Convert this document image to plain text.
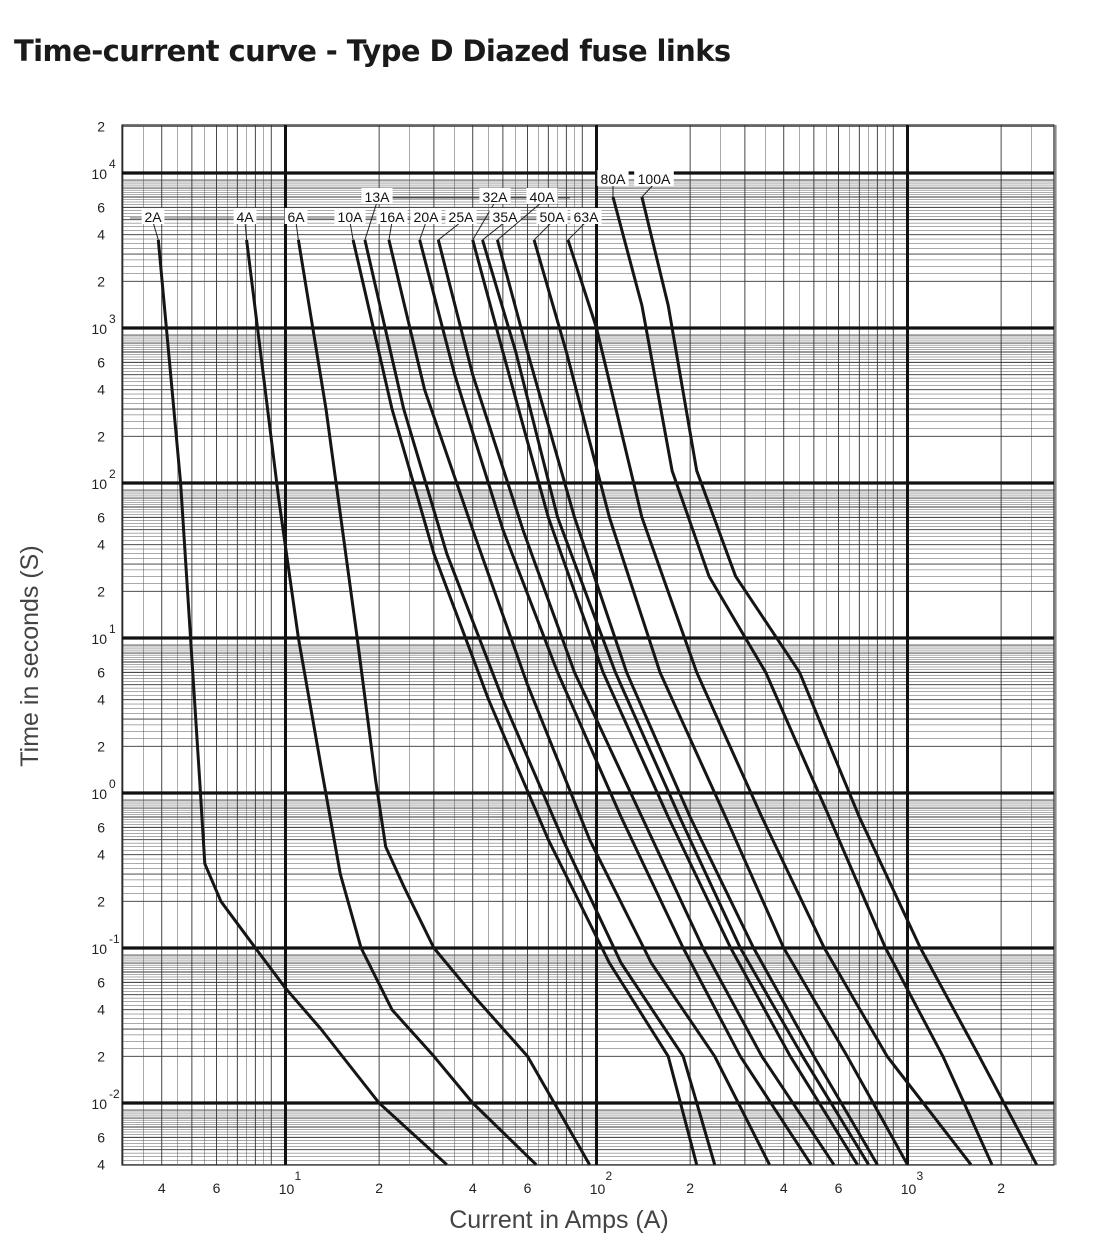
Time-current curve - Type D Diazed fuse links
2
10
4
6
4
2
10
3
6
4
2
10
2
6
4
2
10
1
6
4
2
10
0
6
4
2
10
-1
6
4
2
10
-2
6
4
4	6	10
1
2	4	6	10
2
2	4	6	10
3
2
2A	4A 6A 10A
13A
16A 20A 25A
32A
35A
40A
50A 63A
80A 100A
Time in seconds (S)
Current in Amps (A)
